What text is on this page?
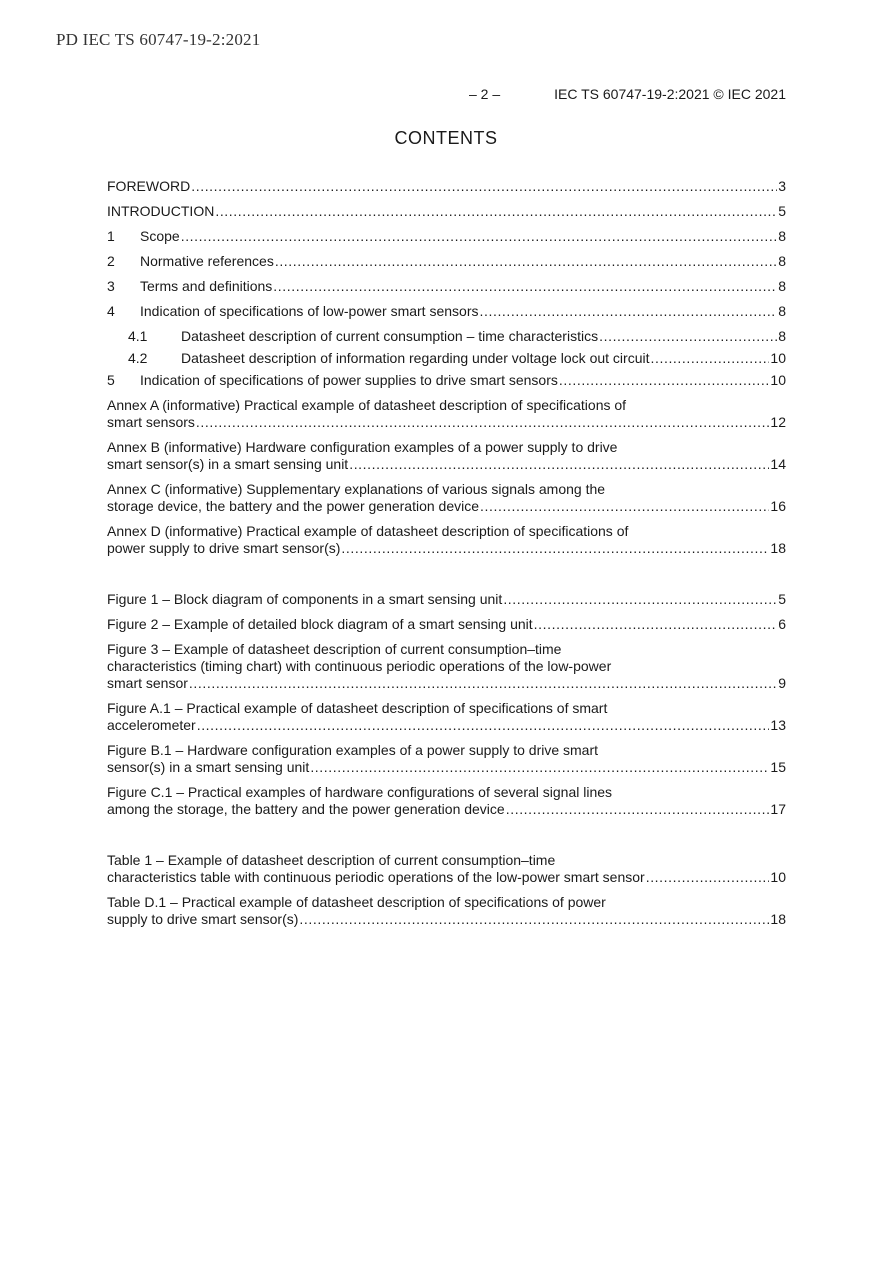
PD IEC TS 60747-19-2:2021
– 2 –	IEC TS 60747-19-2:2021 © IEC 2021
CONTENTS
FOREWORD .....	3
INTRODUCTION .....	5
1	Scope .....	8
2	Normative references .....	8
3	Terms and definitions .....	8
4	Indication of specifications of low-power smart sensors .....	8
4.1	Datasheet description of current consumption – time characteristics .....	8
4.2	Datasheet description of information regarding under voltage lock out circuit .....	10
5	Indication of specifications of power supplies to drive smart sensors .....	10
Annex A (informative) Practical example of datasheet description of specifications of
smart sensors .....	12
Annex B (informative) Hardware configuration examples of a power supply to drive
smart sensor(s) in a smart sensing unit .....	14
Annex C (informative) Supplementary explanations of various signals among the
storage device, the battery and the power generation device .....	16
Annex D (informative) Practical example of datasheet description of specifications of
power supply to drive smart sensor(s) .....	18
Figure 1 – Block diagram of components in a smart sensing unit .....	5
Figure 2 – Example of detailed block diagram of a smart sensing unit .....	6
Figure 3 – Example of datasheet description of current consumption–time
characteristics (timing chart) with continuous periodic operations of the low-power
smart sensor .....	9
Figure A.1 – Practical example of datasheet description of specifications of smart
accelerometer .....	13
Figure B.1 – Hardware configuration examples of a power supply to drive smart
sensor(s) in a smart sensing unit .....	15
Figure C.1 – Practical examples of hardware configurations of several signal lines
among the storage, the battery and the power generation device .....	17
Table 1 – Example of datasheet description of current consumption–time
characteristics table with continuous periodic operations of the low-power smart sensor .....	10
Table D.1 – Practical example of datasheet description of specifications of power
supply to drive smart sensor(s) .....	18
